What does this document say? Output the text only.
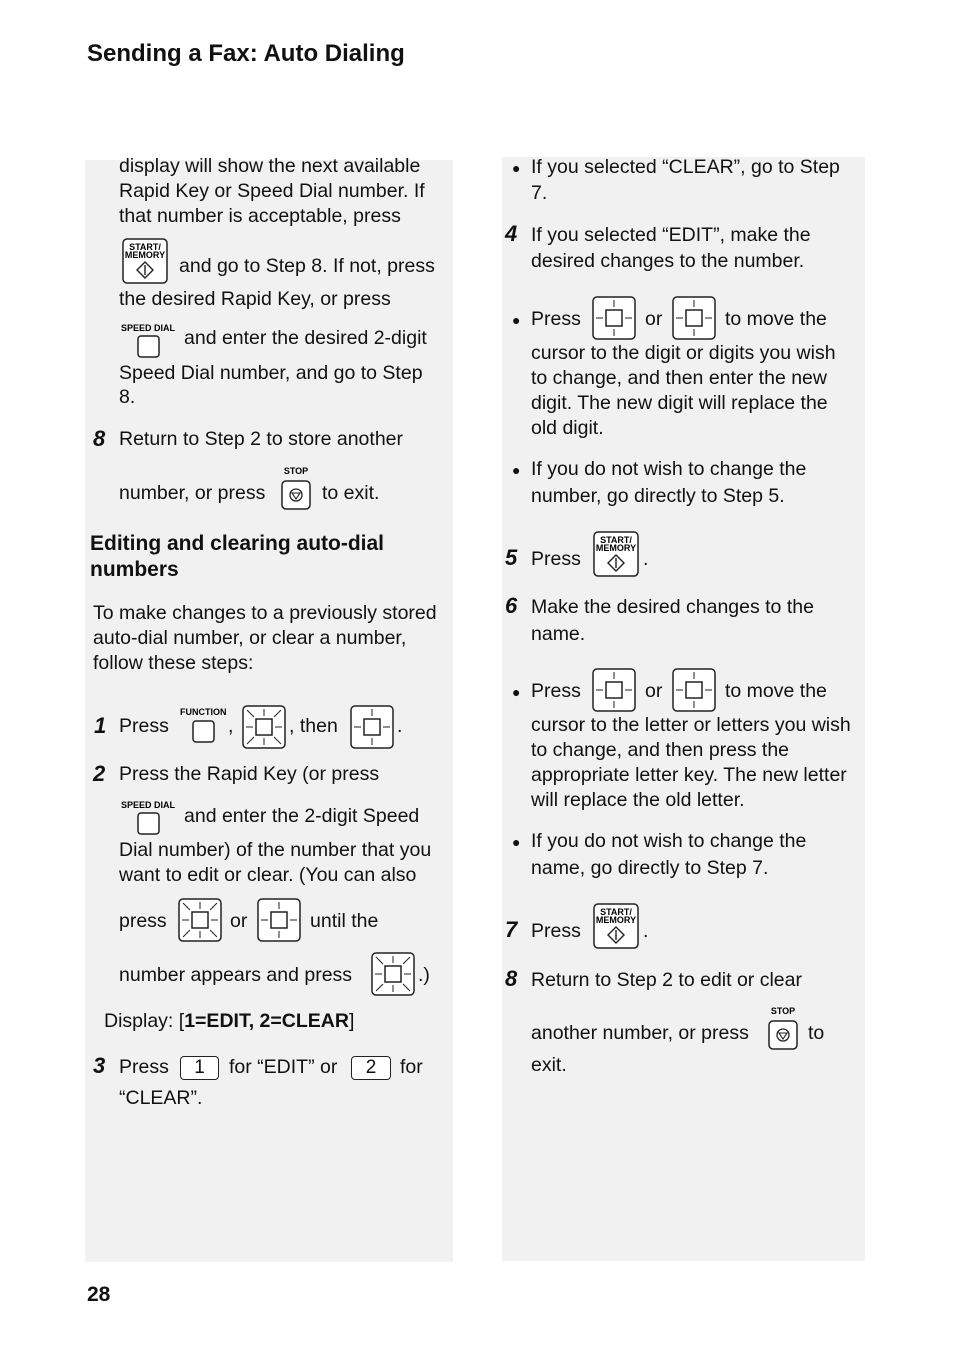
Sending a Fax: Auto Dialing
28
display will show the next available
Rapid Key or Speed Dial number. If
that number is acceptable, press
START/
MEMORY and go to Step 8. If not, press
the desired Rapid Key, or press
SPEED DIAL and enter the desired 2-digit
Speed Dial number, and go to Step
8.
8 Return to Step 2 to store another
STOP
number, or press	to exit.
Editing and clearing auto-dial
numbers
To make changes to a previously stored
auto-dial number, or clear a number,
follow these steps:
1 Press
FUNCTION
,	, then	.
2 Press the Rapid Key (or press
SPEED DIAL and enter the 2-digit Speed
Dial number) of the number that you
want to edit or clear. (You can also
press	or	until the
number appears and press	.)
Display: [1=EDIT, 2=CLEAR]
3 Press	1	for “EDIT” or	2	for
“CLEAR”.
● If you selected “CLEAR”, go to Step
7.
4 If you selected “EDIT”, make the
desired changes to the number.
● Press	or	to move the
cursor to the digit or digits you wish
to change, and then enter the new
digit. The new digit will replace the
old digit.
● If you do not wish to change the
number, go directly to Step 5.
5 Press
START/
MEMORY .
6 Make the desired changes to the
name.
● Press	or	to move the
cursor to the letter or letters you wish
to change, and then press the
appropriate letter key. The new letter
will replace the old letter.
● If you do not wish to change the
name, go directly to Step 7.
7 Press
START/
MEMORY .
8 Return to Step 2 to edit or clear
STOP
another number, or press	to
exit.
